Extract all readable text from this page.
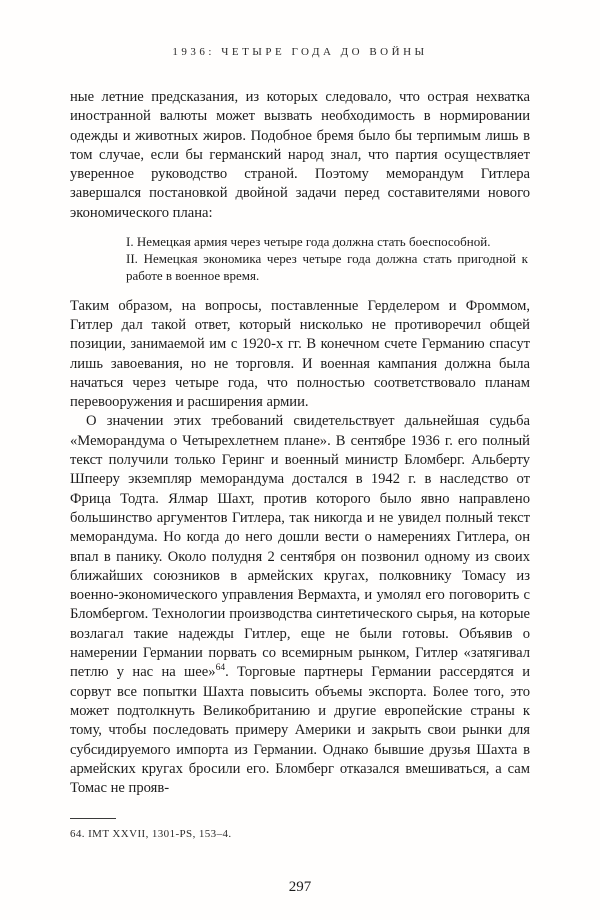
1936: ЧЕТЫРЕ ГОДА ДО ВОЙНЫ

ные летние предсказания, из которых следовало, что острая нехватка иностранной валюты может вызвать необходимость в нормировании одежды и животных жиров. Подобное бремя было бы терпимым лишь в том случае, если бы германский народ знал, что партия осуществляет уверенное руководство страной. Поэтому меморандум Гитлера завершался постановкой двойной задачи перед составителями нового экономического плана:

I. Немецкая армия через четыре года должна стать боеспособной.

II. Немецкая экономика через четыре года должна стать пригодной к работе в военное время.

Таким образом, на вопросы, поставленные Герделером и Фроммом, Гитлер дал такой ответ, который нисколько не противоречил общей позиции, занимаемой им с 1920-х гг. В конечном счете Германию спасут лишь завоевания, но не торговля. И военная кампания должна была начаться через четыре года, что полностью соответствовало планам перевооружения и расширения армии.

О значении этих требований свидетельствует дальнейшая судьба «Меморандума о Четырехлетнем плане». В сентябре 1936 г. его полный текст получили только Геринг и военный министр Бломберг. Альберту Шпееру экземпляр меморандума достался в 1942 г. в наследство от Фрица Тодта. Ялмар Шахт, против которого было явно направлено большинство аргументов Гитлера, так никогда и не увидел полный текст меморандума. Но когда до него дошли вести о намерениях Гитлера, он впал в панику. Около полудня 2 сентября он позвонил одному из своих ближайших союзников в армейских кругах, полковнику Томасу из военно-экономического управления Вермахта, и умолял его поговорить с Бломбергом. Технологии производства синтетического сырья, на которые возлагал такие надежды Гитлер, еще не были готовы. Объявив о намерении Германии порвать со всемирным рынком, Гитлер «затягивал петлю у нас на шее»$^{64}$. Торговые партнеры Германии рассердятся и сорвут все попытки Шахта повысить объемы экспорта. Более того, это может подтолкнуть Великобританию и другие европейские страны к тому, чтобы последовать примеру Америки и закрыть свои рынки для субсидируемого импорта из Германии. Однако бывшие друзья Шахта в армейских кругах бросили его. Бломберг отказался вмешиваться, а сам Томас не прояв-

64. IMT XXVII, 1301-PS, 153–4.

297
